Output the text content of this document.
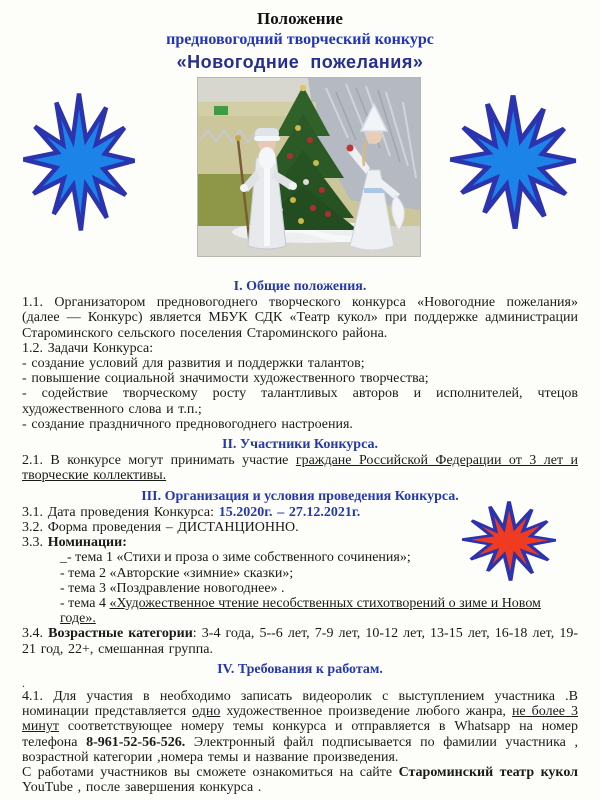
Положение
предновогодний творческий конкурс
«Новогодние  пожелания»
I. Общие положения.

1.1. Организатором предновогоднего творческого конкурса «Новогодние пожелания» (далее — Конкурс) является МБУК СДК «Театр кукол» при поддержке администрации Староминского сельского поселения Староминского района.

1.2. Задачи Конкурса:

- создание условий для развития и поддержки талантов;

- повышение социальной значимости художественного творчества;

- содействие творческому росту талантливых авторов и исполнителей, чтецов художественного слова и т.п.;

- создание праздничного предновогоднего настроения.

II. Участники Конкурса.

2.1. В конкурсе могут принимать участие граждане Российской Федерации от 3 лет и творческие коллективы.

III. Организация и условия проведения Конкурса.

3.1. Дата проведения Конкурса: 15.2020г. – 27.12.2021г.

3.2. Форма проведения – ДИСТАНЦИОННО.

3.3. Номинации:

_- тема 1 «Стихи и проза о зиме собственного сочинения»;

- тема 2 «Авторские «зимние» сказки»;

- тема 3 «Поздравление новогоднее» .

- тема 4 «Художественное чтение несобственных стихотворений о зиме и Новом годе».

3.4. Возрастные категории: 3-4 года, 5--6 лет, 7-9 лет, 10-12 лет, 13-15 лет, 16-18 лет, 19-21 год, 22+, смешанная группа.

IV. Требования к работам.

.

4.1. Для участия в необходимо записать видеоролик с выступлением участника .В номинации представляется одно художественное произведение любого жанра, не более 3 минут соответствующее номеру темы конкурса и отправляется в Whatsapp на номер телефона 8-961-52-56-526. Электронный файл подписывается по фамилии участника , возрастной категории ,номера темы и название произведения.

С работами участников вы сможете ознакомиться на сайте Староминский театр кукол YouTube , после завершения конкурса .
